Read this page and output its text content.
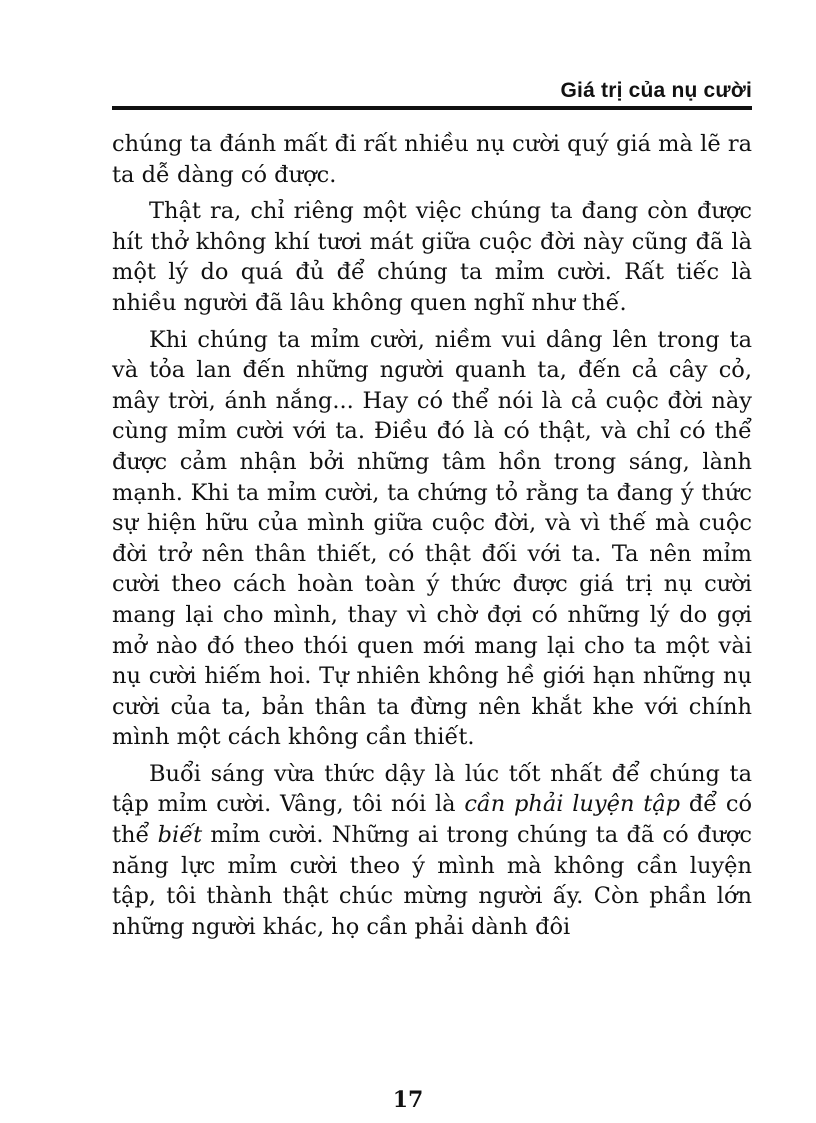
Giá trị của nụ cười

chúng ta đánh mất đi rất nhiều nụ cười quý giá mà lẽ ra ta dễ dàng có được.

Thật ra, chỉ riêng một việc chúng ta đang còn được hít thở không khí tươi mát giữa cuộc đời này cũng đã là một lý do quá đủ để chúng ta mỉm cười. Rất tiếc là nhiều người đã lâu không quen nghĩ như thế.

Khi chúng ta mỉm cười, niềm vui dâng lên trong ta và tỏa lan đến những người quanh ta, đến cả cây cỏ, mây trời, ánh nắng... Hay có thể nói là cả cuộc đời này cùng mỉm cười với ta. Điều đó là có thật, và chỉ có thể được cảm nhận bởi những tâm hồn trong sáng, lành mạnh. Khi ta mỉm cười, ta chứng tỏ rằng ta đang ý thức sự hiện hữu của mình giữa cuộc đời, và vì thế mà cuộc đời trở nên thân thiết, có thật đối với ta. Ta nên mỉm cười theo cách hoàn toàn ý thức được giá trị nụ cười mang lại cho mình, thay vì chờ đợi có những lý do gợi mở nào đó theo thói quen mới mang lại cho ta một vài nụ cười hiếm hoi. Tự nhiên không hề giới hạn những nụ cười của ta, bản thân ta đừng nên khắt khe với chính mình một cách không cần thiết.

Buổi sáng vừa thức dậy là lúc tốt nhất để chúng ta tập mỉm cười. Vâng, tôi nói là cần phải luyện tập để có thể biết mỉm cười. Những ai trong chúng ta đã có được năng lực mỉm cười theo ý mình mà không cần luyện tập, tôi thành thật chúc mừng người ấy. Còn phần lớn những người khác, họ cần phải dành đôi

17
